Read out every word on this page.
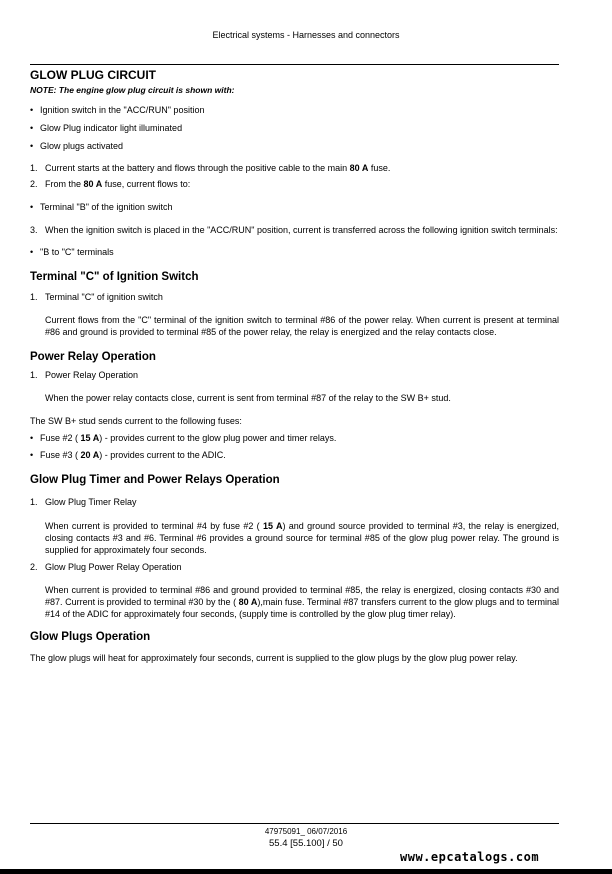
Electrical systems - Harnesses and connectors
GLOW PLUG CIRCUIT
NOTE: The engine glow plug circuit is shown with:
• Ignition switch in the "ACC/RUN" position
• Glow Plug indicator light illuminated
• Glow plugs activated
1. Current starts at the battery and flows through the positive cable to the main 80 A fuse.
2. From the 80 A fuse, current flows to:
• Terminal "B" of the ignition switch
3. When the ignition switch is placed in the "ACC/RUN" position, current is transferred across the following ignition switch terminals:
• "B to "C" terminals
Terminal "C" of Ignition Switch
1. Terminal "C" of ignition switch
Current flows from the "C" terminal of the ignition switch to terminal #86 of the power relay. When current is present at terminal #86 and ground is provided to terminal #85 of the power relay, the relay is energized and the relay contacts close.
Power Relay Operation
1. Power Relay Operation
When the power relay contacts close, current is sent from terminal #87 of the relay to the SW B+ stud.

The SW B+ stud sends current to the following fuses:

• Fuse #2 ( 15 A) - provides current to the glow plug power and timer relays.
• Fuse #3 ( 20 A) - provides current to the ADIC.
Glow Plug Timer and Power Relays Operation
1. Glow Plug Timer Relay
When current is provided to terminal #4 by fuse #2 ( 15 A) and ground source provided to terminal #3, the relay is energized, closing contacts #3 and #6. Terminal #6 provides a ground source for terminal #85 of the glow plug power relay. The ground is supplied for approximately four seconds.
2. Glow Plug Power Relay Operation
When current is provided to terminal #86 and ground provided to terminal #85, the relay is energized, closing contacts #30 and #87. Current is provided to terminal #30 by the ( 80 A),main fuse. Terminal #87 transfers current to the glow plugs and to terminal #14 of the ADIC for approximately four seconds, (supply time is controlled by the glow plug timer relay).
Glow Plugs Operation

The glow plugs will heat for approximately four seconds, current is supplied to the glow plugs by the glow plug power relay.

47975091_ 06/07/2016
55.4 [55.100] / 50
www.epcatalogs.com
